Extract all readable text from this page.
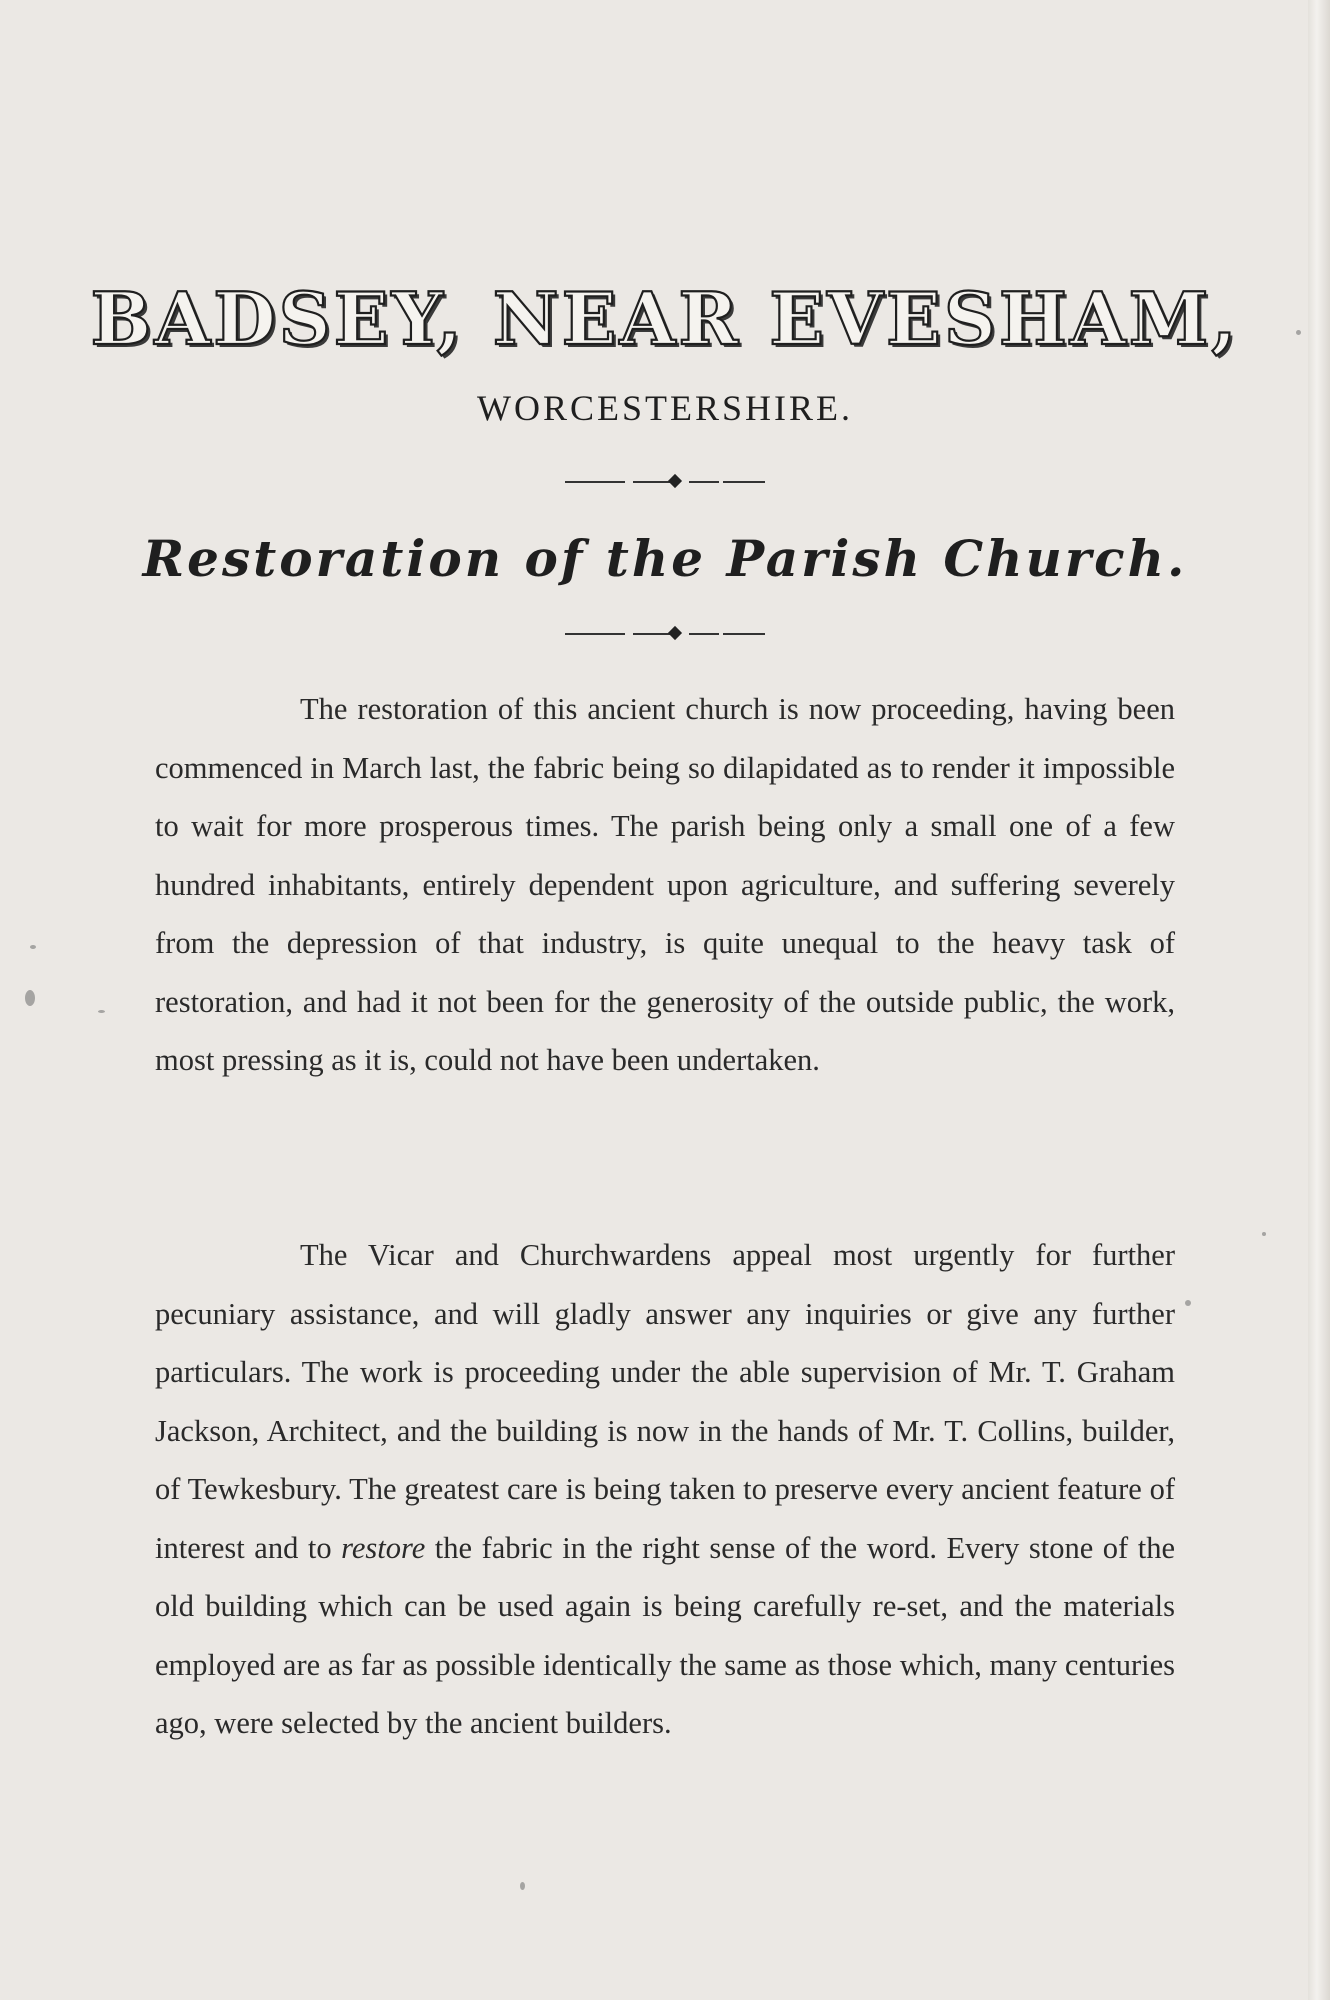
BADSEY, NEAR EVESHAM,
WORCESTERSHIRE.
Restoration of the Parish Church.

The restoration of this ancient church is now proceeding, having been commenced in March last, the fabric being so dilapidated as to render it impossible to wait for more prosperous times. The parish being only a small one of a few hundred inhabitants, entirely dependent upon agriculture, and suffering severely from the depression of that industry, is quite unequal to the heavy task of restoration, and had it not been for the generosity of the outside public, the work, most pressing as it is, could not have been undertaken.

The Vicar and Churchwardens appeal most urgently for further pecuniary assistance, and will gladly answer any inquiries or give any further particulars. The work is proceeding under the able supervision of Mr. T. Graham Jackson, Architect, and the building is now in the hands of Mr. T. Collins, builder, of Tewkesbury. The greatest care is being taken to preserve every ancient feature of interest and to restore the fabric in the right sense of the word. Every stone of the old building which can be used again is being carefully re-set, and the materials employed are as far as possible identically the same as those which, many centuries ago, were selected by the ancient builders.
